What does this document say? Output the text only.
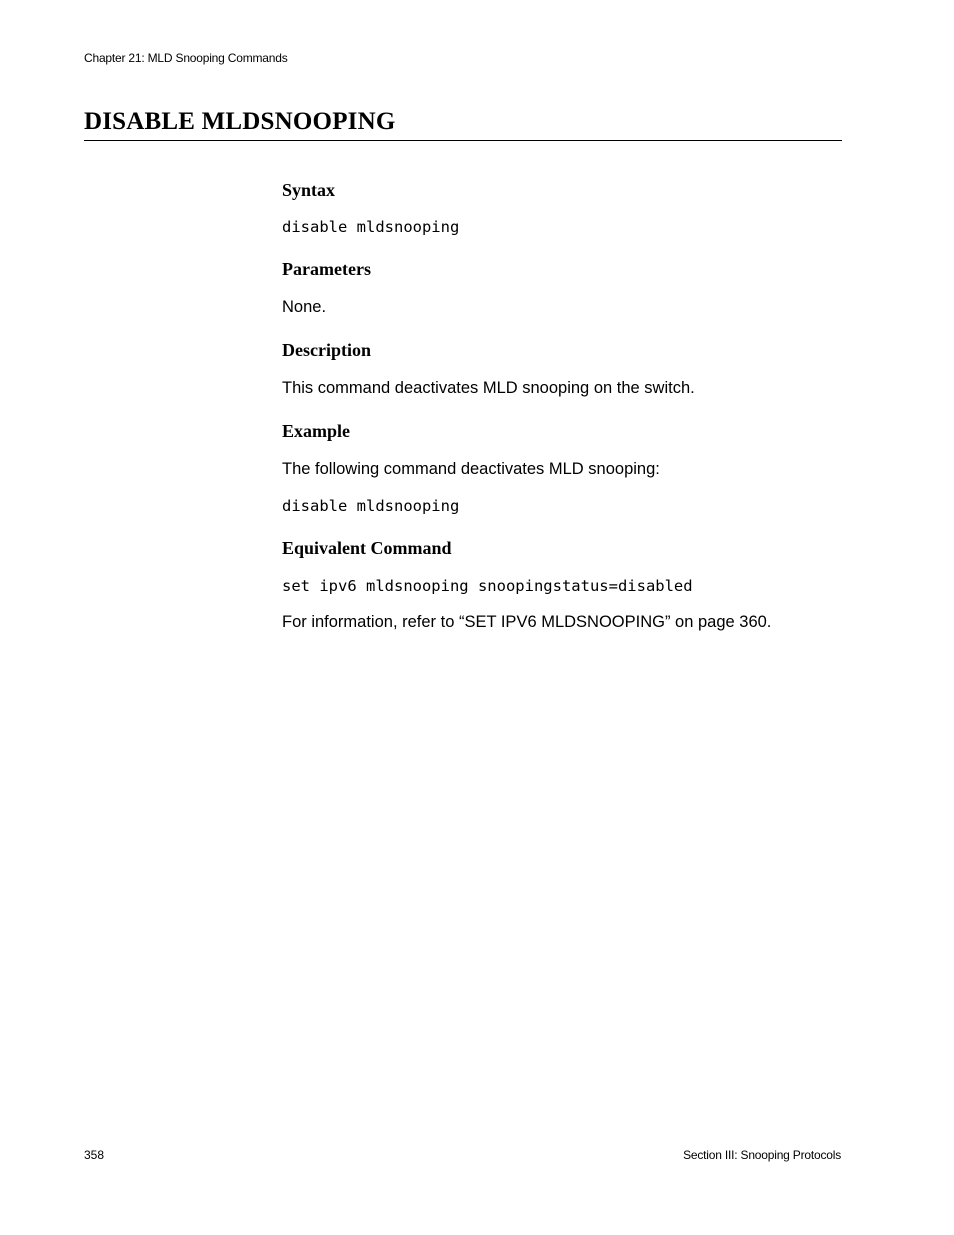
Chapter 21: MLD Snooping Commands
DISABLE MLDSNOOPING
Syntax
disable mldsnooping
Parameters

None.

Description

This command deactivates MLD snooping on the switch.

Example

The following command deactivates MLD snooping:

disable mldsnooping
Equivalent Command
set ipv6 mldsnooping snoopingstatus=disabled

For information, refer to “SET IPV6 MLDSNOOPING” on page 360.

358	Section III: Snooping Protocols
